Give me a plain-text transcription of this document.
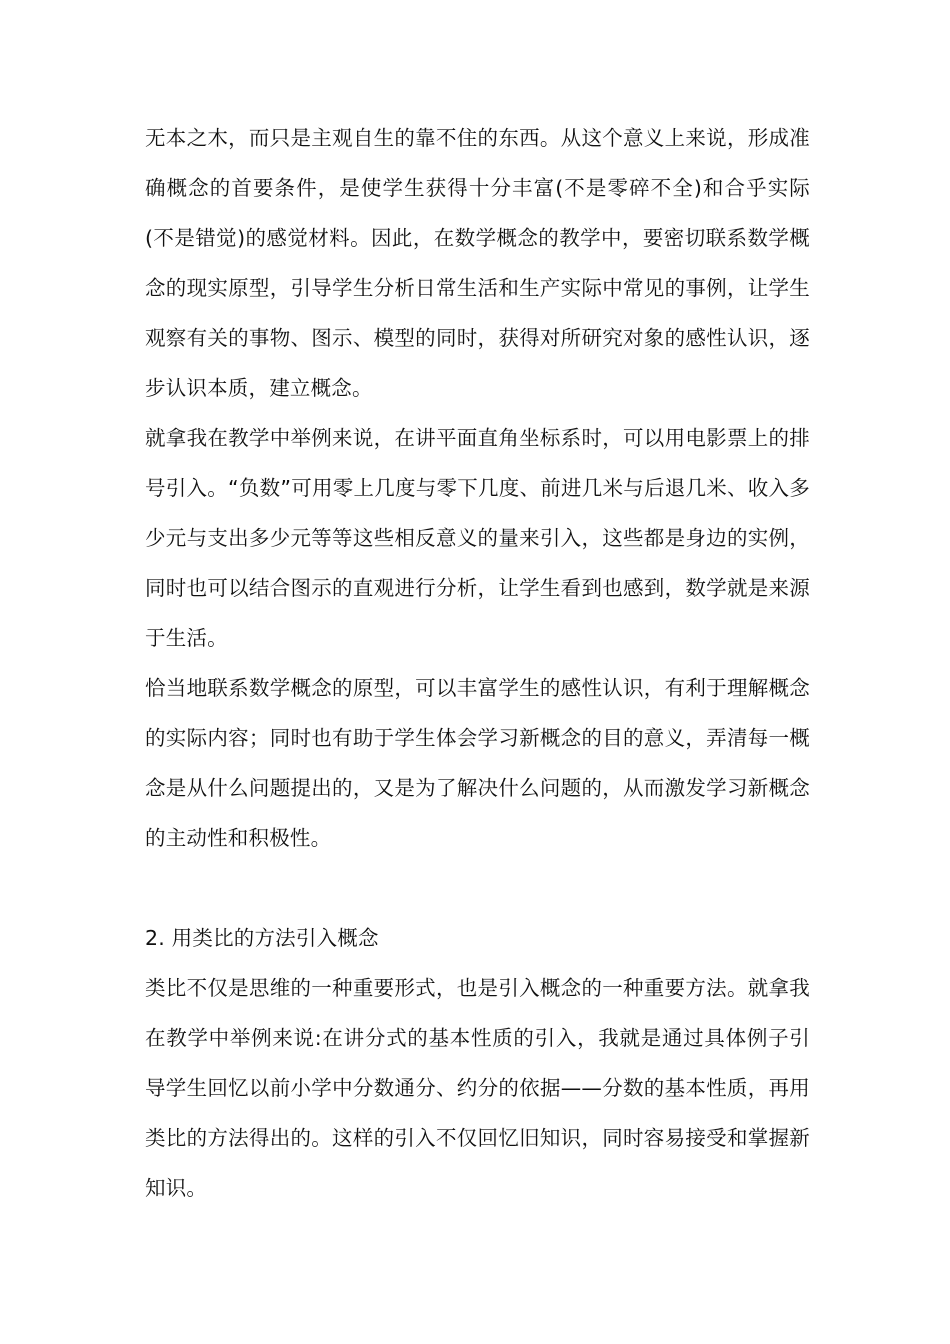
无本之木，而只是主观自生的靠不住的东西。从这个意义上来说，形成准确概念的首要条件，是使学生获得十分丰富(不是零碎不全)和合乎实际(不是错觉)的感觉材料。因此，在数学概念的教学中，要密切联系数学概念的现实原型，引导学生分析日常生活和生产实际中常见的事例，让学生观察有关的事物、图示、模型的同时，获得对所研究对象的感性认识，逐步认识本质，建立概念。

就拿我在教学中举例来说，在讲平面直角坐标系时，可以用电影票上的排号引入。“负数”可用零上几度与零下几度、前进几米与后退几米、收入多少元与支出多少元等等这些相反意义的量来引入，这些都是身边的实例，同时也可以结合图示的直观进行分析，让学生看到也感到，数学就是来源于生活。

恰当地联系数学概念的原型，可以丰富学生的感性认识，有利于理解概念的实际内容；同时也有助于学生体会学习新概念的目的意义，弄清每一概念是从什么问题提出的，又是为了解决什么问题的，从而激发学习新概念的主动性和积极性。

2. 用类比的方法引入概念

类比不仅是思维的一种重要形式，也是引入概念的一种重要方法。就拿我在教学中举例来说:在讲分式的基本性质的引入，我就是通过具体例子引导学生回忆以前小学中分数通分、约分的依据——分数的基本性质，再用类比的方法得出的。这样的引入不仅回忆旧知识，同时容易接受和掌握新知识。
